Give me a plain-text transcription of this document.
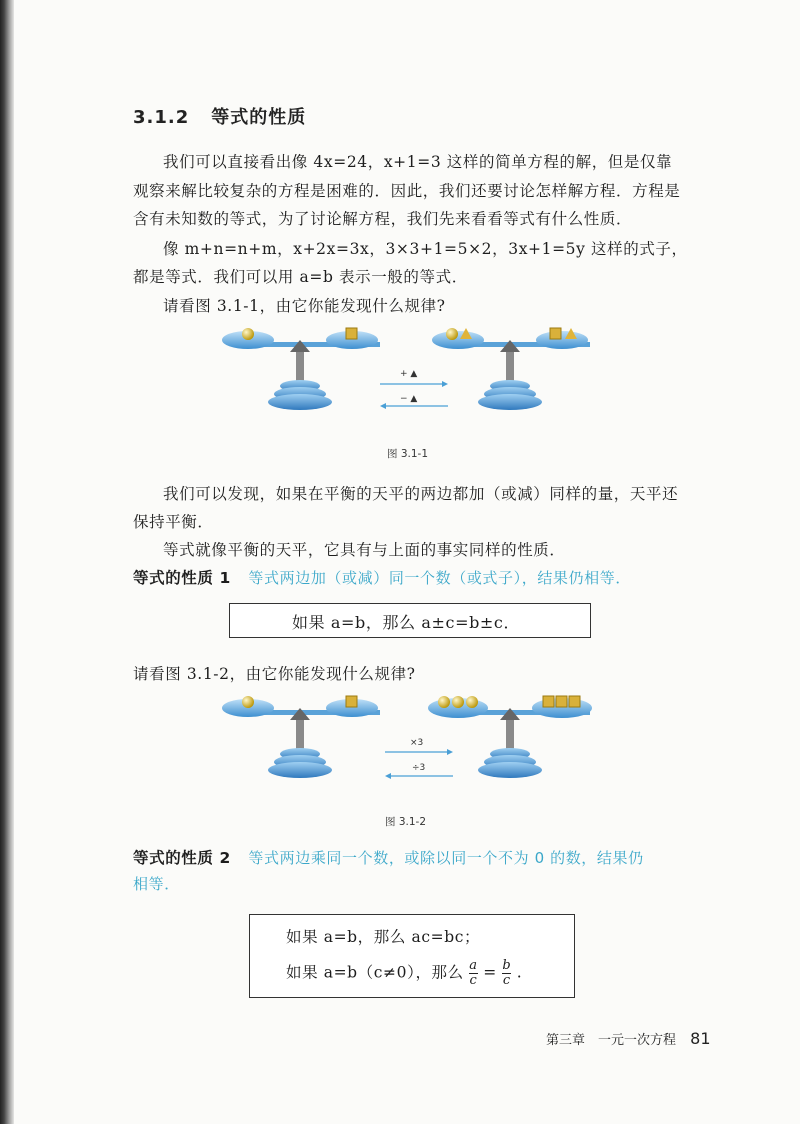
3.1.2 等式的性质
我们可以直接看出像 4x=24，x+1=3 这样的简单方程的解，但是仅靠
观察来解比较复杂的方程是困难的．因此，我们还要讨论怎样解方程．方程是
含有未知数的等式，为了讨论解方程，我们先来看看等式有什么性质．
像 m+n=n+m，x+2x=3x，3×3+1=5×2，3x+1=5y 这样的式子，
都是等式．我们可以用 a=b 表示一般的等式．
请看图 3.1-1，由它你能发现什么规律?
+ ▲
− ▲
图 3.1-1
我们可以发现，如果在平衡的天平的两边都加（或减）同样的量，天平还
保持平衡．
等式就像平衡的天平，它具有与上面的事实同样的性质．
等式的性质 1 等式两边加（或减）同一个数（或式子），结果仍相等．
如果 a=b，那么 a±c=b±c．
请看图 3.1-2，由它你能发现什么规律?
×3
÷3
图 3.1-2
等式的性质 2 等式两边乘同一个数，或除以同一个不为 0 的数，结果仍
相等．
如果 a=b，那么 ac=bc；
如果 a=b（c≠0），那么 $\frac{a}{c} = \frac{b}{c}$ .
第三章　一元一次方程 81
